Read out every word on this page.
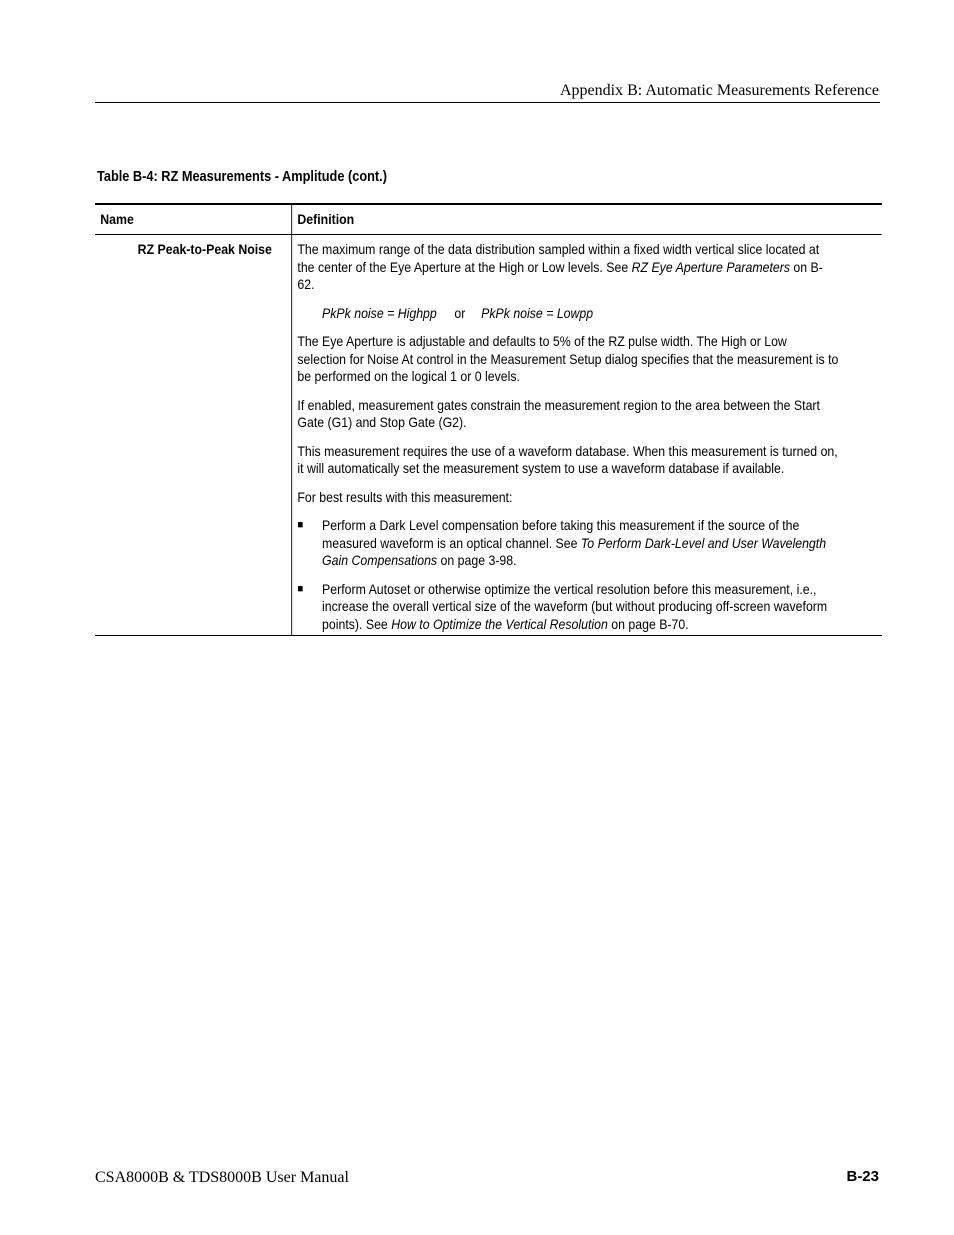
Appendix B: Automatic Measurements Reference
Table B-4: RZ Measurements - Amplitude (cont.)
Name	Definition
RZ Peak-to-Peak Noise	The maximum range of the data distribution sampled within a fixed width vertical slice located at the center of the Eye Aperture at the High or Low levels. See RZ Eye Aperture Parameters on B-62.

PkPk noise = Highpp or PkPk noise = Lowpp

The Eye Aperture is adjustable and defaults to 5% of the RZ pulse width. The High or Low selection for Noise At control in the Measurement Setup dialog specifies that the measurement is to be performed on the logical 1 or 0 levels.

If enabled, measurement gates constrain the measurement region to the area between the Start Gate (G1) and Stop Gate (G2).

This measurement requires the use of a waveform database. When this measurement is turned on, it will automatically set the measurement system to use a waveform database if available.

For best results with this measurement:

■	Perform a Dark Level compensation before taking this measurement if the source of the measured waveform is an optical channel. See To Perform Dark-Level and User Wavelength Gain Compensations on page 3-98.
■	Perform Autoset or otherwise optimize the vertical resolution before this measurement, i.e., increase the overall vertical size of the waveform (but without producing off-screen waveform points). See How to Optimize the Vertical Resolution on page B-70.
CSA8000B & TDS8000B User Manual	B-23
